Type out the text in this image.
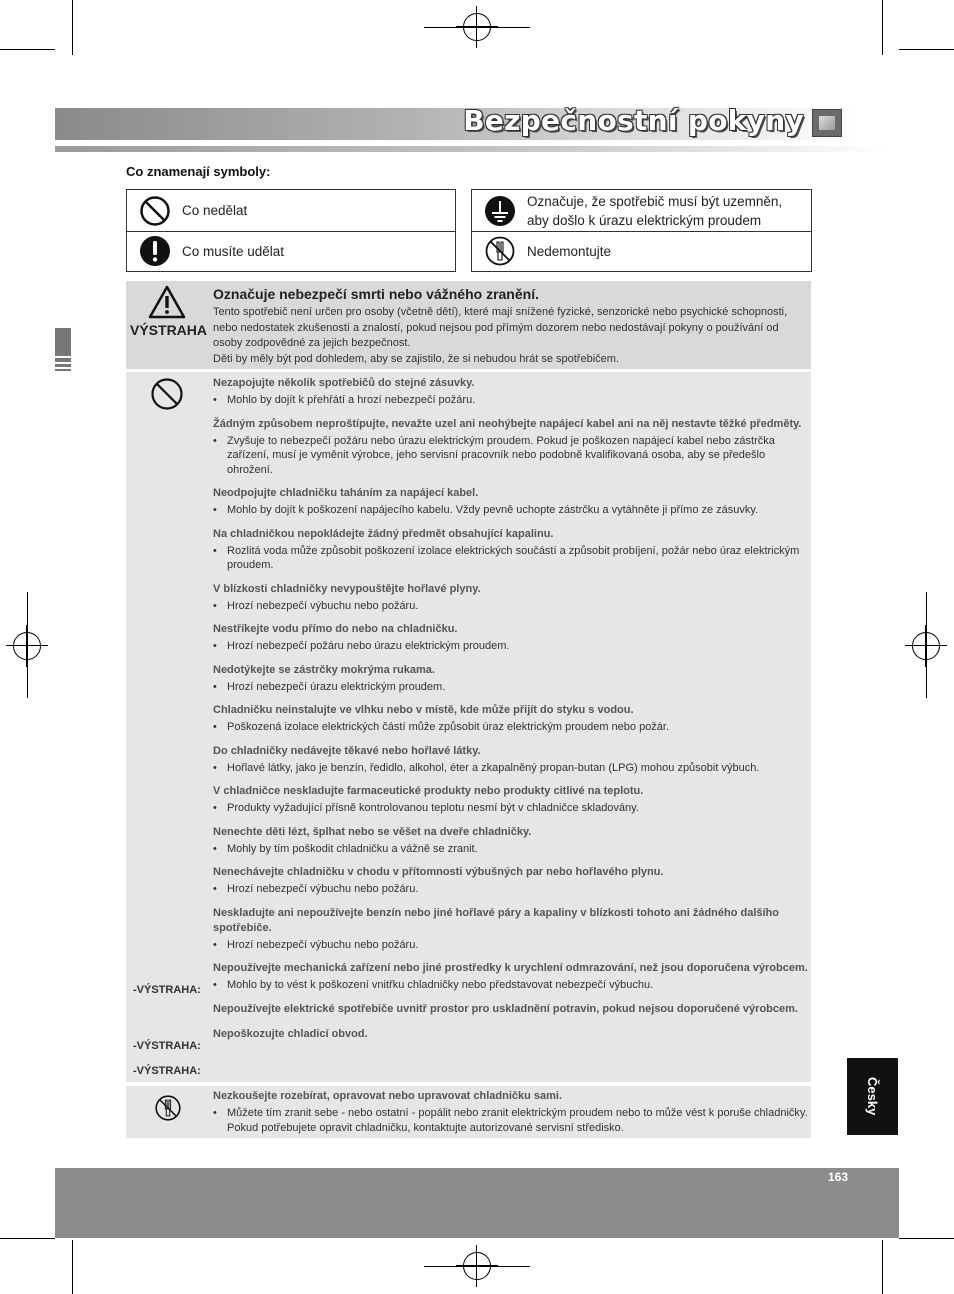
Bezpečnostní pokyny
Co znamenají symboly:
Co nedělat
Co musíte udělat
Označuje, že spotřebič musí být uzemněn, aby došlo k úrazu elektrickým proudem
Nedemontujte
VÝSTRAHA
Označuje nebezpečí smrti nebo vážného zranění.
Tento spotřebič není určen pro osoby (včetně dětí), které mají snížené fyzické, senzorické nebo psychické schopnosti, nebo nedostatek zkušeností a znalostí, pokud nejsou pod přímým dozorem nebo nedostávají pokyny o používání od osoby zodpovědné za jejich bezpečnost.
Děti by měly být pod dohledem, aby se zajistilo, že si nebudou hrát se spotřebičem.
Nezapojujte několik spotřebičů do stejné zásuvky.
• Mohlo by dojít k přehřátí a hrozí nebezpečí požáru.
Žádným způsobem neproštípujte, nevažte uzel ani neohýbejte napájecí kabel ani na něj nestavte těžké předměty.
• Zvyšuje to nebezpečí požáru nebo úrazu elektrickým proudem. Pokud je poškozen napájecí kabel nebo zástrčka zařízení, musí je vyměnit výrobce, jeho servisní pracovník nebo podobně kvalifikovaná osoba, aby se předešlo ohrožení.
Neodpojujte chladničku taháním za napájecí kabel.
• Mohlo by dojít k poškození napájecího kabelu. Vždy pevně uchopte zástrčku a vytáhněte ji přímo ze zásuvky.
Na chladničkou nepokládejte žádný předmět obsahující kapalinu.
• Rozlitá voda může způsobit poškození izolace elektrických součástí a způsobit probíjení, požár nebo úraz elektrickým proudem.
V blízkosti chladničky nevypouštějte hořlavé plyny.
• Hrozí nebezpečí výbuchu nebo požáru.
Nestříkejte vodu přímo do nebo na chladničku.
• Hrozí nebezpečí požáru nebo úrazu elektrickým proudem.
Nedotýkejte se zástrčky mokrýma rukama.
• Hrozí nebezpečí úrazu elektrickým proudem.
Chladničku neinstalujte ve vlhku nebo v místě, kde může přijít do styku s vodou.
• Poškozená izolace elektrických částí může způsobit úraz elektrickým proudem nebo požár.
Do chladničky nedávejte těkavé nebo hořlavé látky.
• Hořlavé látky, jako je benzín, ředidlo, alkohol, éter a zkapalněný propan-butan (LPG) mohou způsobit výbuch.
V chladničce neskladujte farmaceutické produkty nebo produkty citlivé na teplotu.
• Produkty vyžadující přísně kontrolovanou teplotu nesmí být v chladničce skladovány.
Nenechte děti lézt, šplhat nebo se věšet na dveře chladničky.
• Mohly by tím poškodit chladničku a vážně se zranit.
Nenechávejte chladničku v chodu v přítomnosti výbušných par nebo hořlavého plynu.
• Hrozí nebezpečí výbuchu nebo požáru.
Neskladujte ani nepoužívejte benzín nebo jiné hořlavé páry a kapaliny v blízkosti tohoto ani žádného dalšího spotřebiče.
• Hrozí nebezpečí výbuchu nebo požáru.
Nepoužívejte mechanická zařízení nebo jiné prostředky k urychlení odmrazování, než jsou doporučena výrobcem.
• Mohlo by to vést k poškození vnitřku chladničky nebo představovat nebezpečí výbuchu.
Nepoužívejte elektrické spotřebiče uvnitř prostor pro uskladnění potravin, pokud nejsou doporučené výrobcem.
Nepoškozujte chladicí obvod.
-VÝSTRAHA:
-VÝSTRAHA:
-VÝSTRAHA:
Nezkoušejte rozebírat, opravovat nebo upravovat chladničku sami.
• Můžete tím zranit sebe - nebo ostatní - popálit nebo zranit elektrickým proudem nebo to může vést k poruše chladničky. Pokud potřebujete opravit chladničku, kontaktujte autorizované servisní středisko.
Česky
163
